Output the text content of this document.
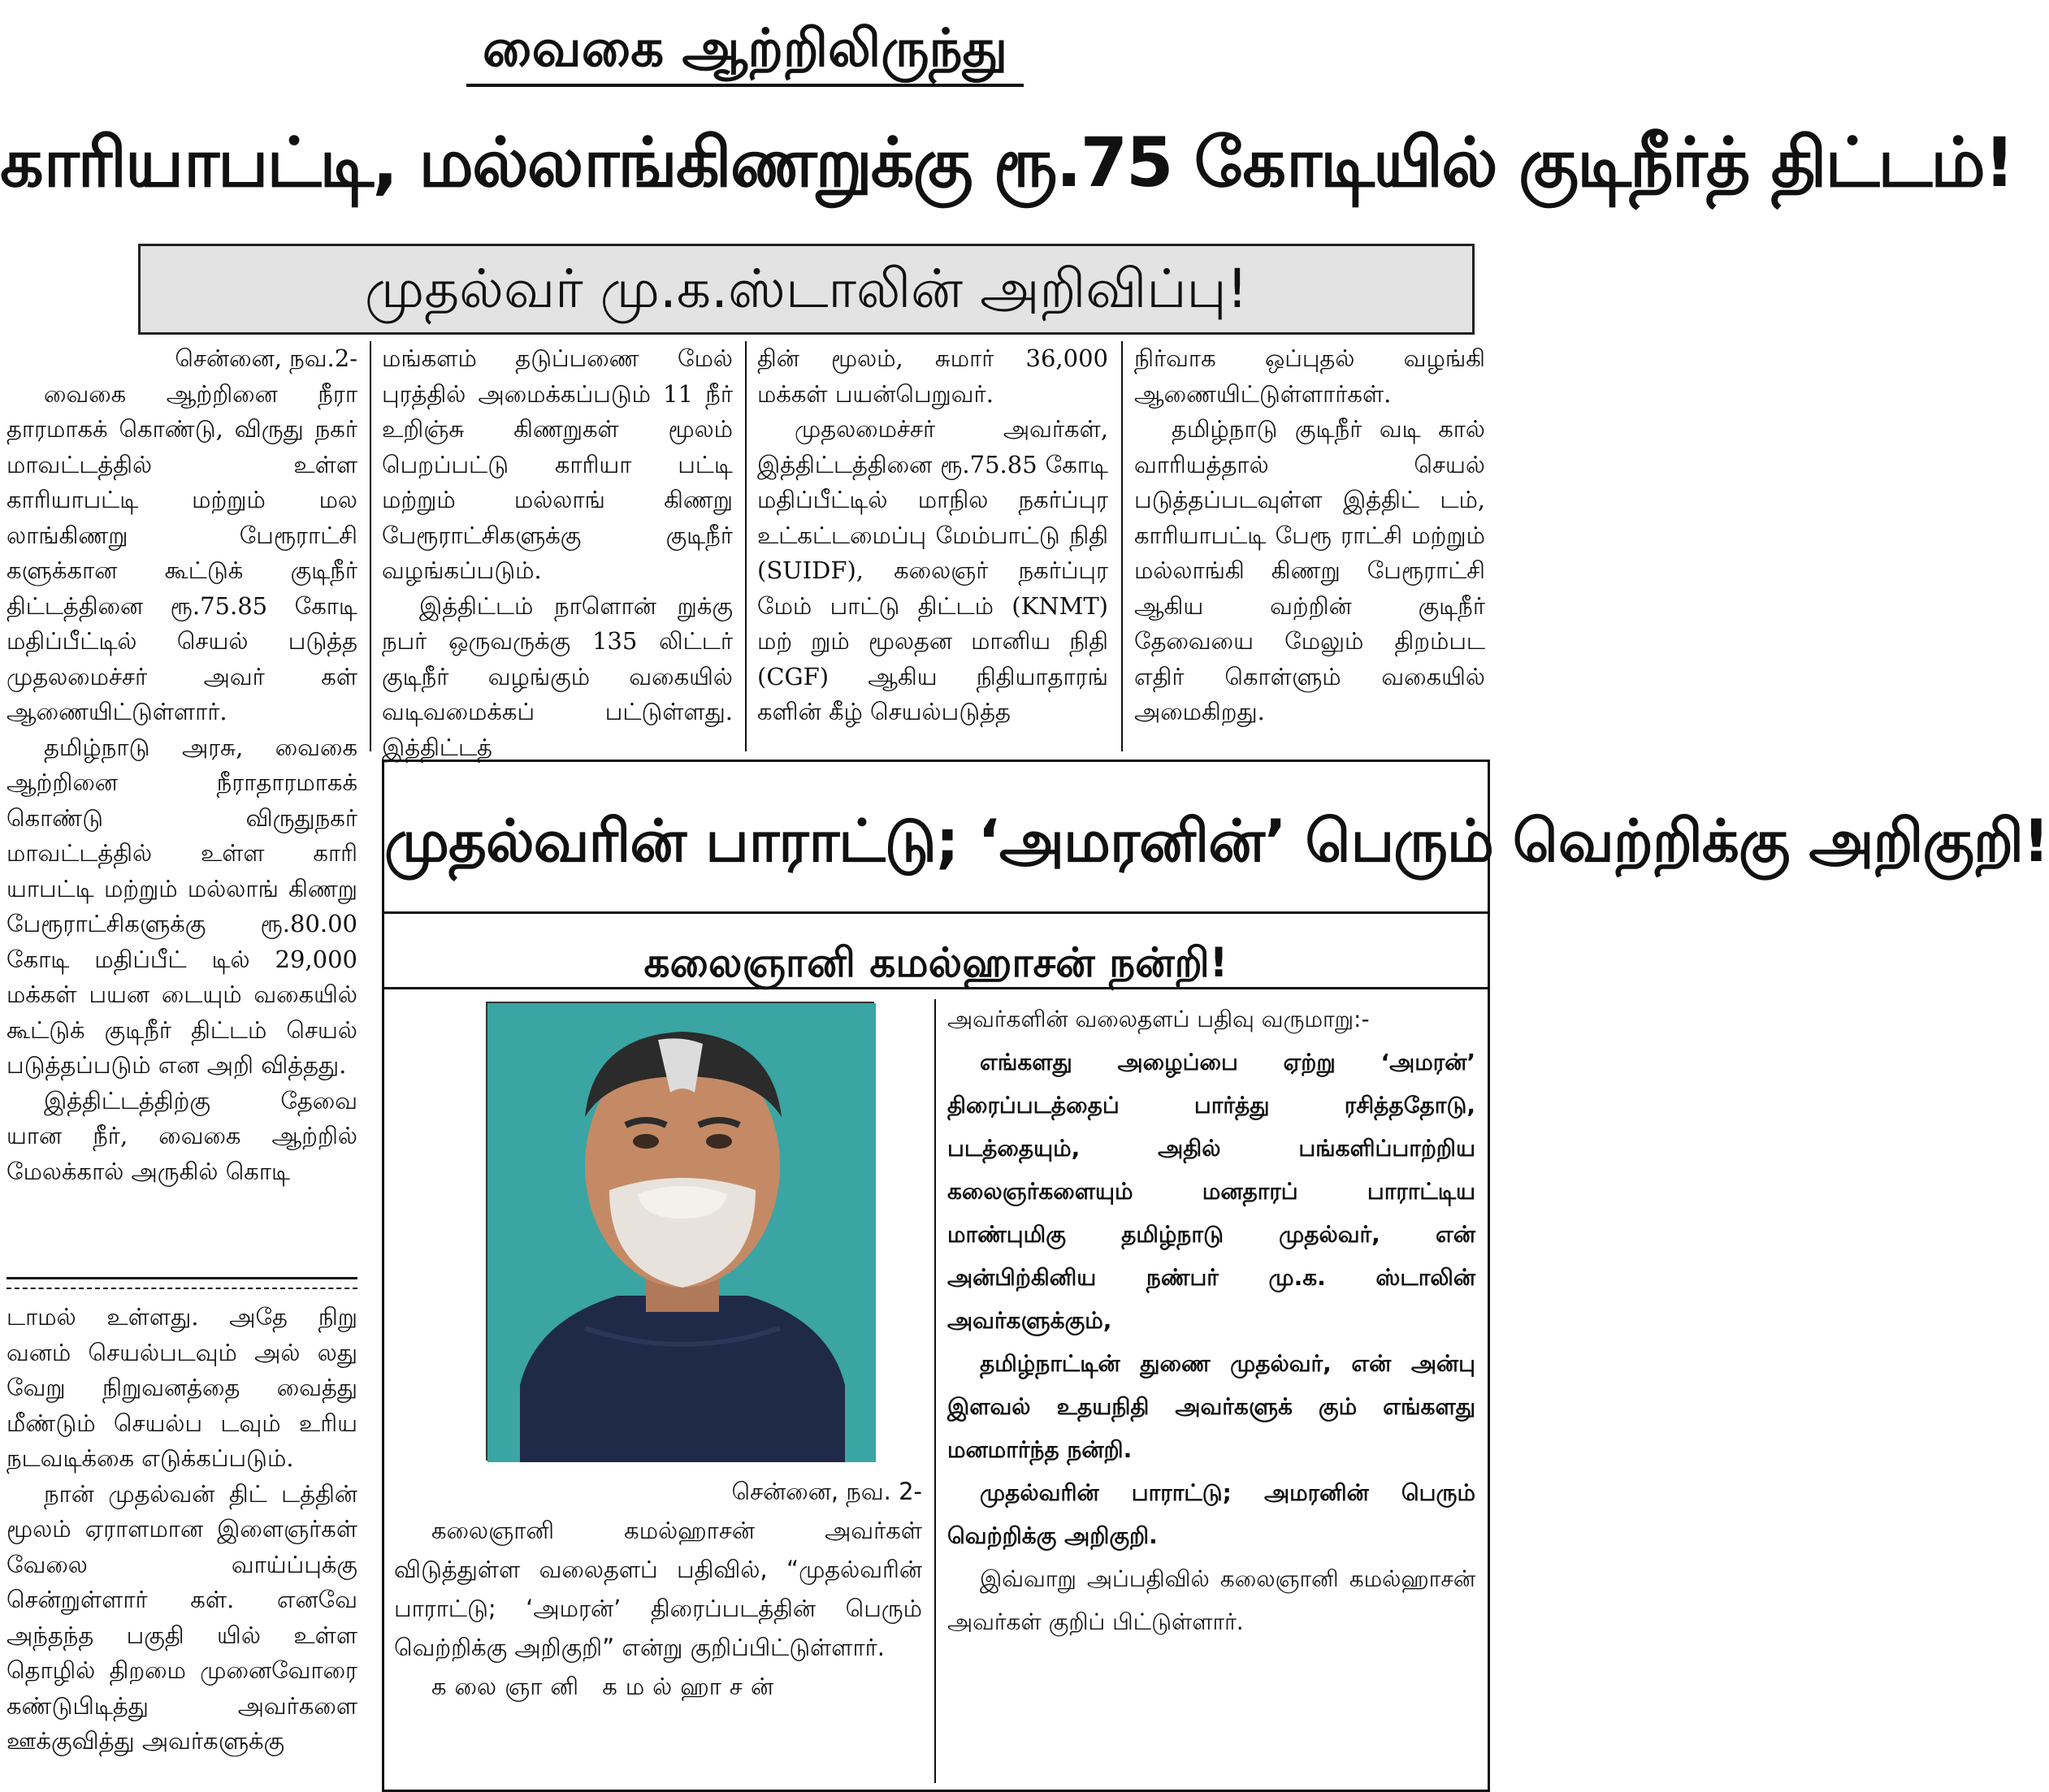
வைகை ஆற்றிலிருந்து
காரியாபட்டி, மல்லாங்கிணறுக்கு ரூ.75 கோடியில் குடிநீர்த் திட்டம்!
முதல்வர் மு.க.ஸ்டாலின் அறிவிப்பு!

சென்னை, நவ.2-

வைகை ஆற்றினை நீரா தாரமாகக் கொண்டு, விருது நகர் மாவட்டத்தில் உள்ள காரியாபட்டி மற்றும் மல லாங்கிணறு பேரூராட்சி களுக்கான கூட்டுக் குடிநீர் திட்டத்தினை ரூ.75.85 கோடி மதிப்பீட்டில் செயல் படுத்த முதலமைச்சர் அவர் கள் ஆணையிட்டுள்ளார்.

தமிழ்நாடு அரசு, வைகை ஆற்றினை நீராதாரமாகக் கொண்டு விருதுநகர் மாவட்டத்தில் உள்ள காரி யாபட்டி மற்றும் மல்லாங் கிணறு பேரூராட்சிகளுக்கு ரூ.80.00 கோடி மதிப்பீட் டில் 29,000 மக்கள் பயன டையும் வகையில் கூட்டுக் குடிநீர் திட்டம் செயல் படுத்தப்படும் என அறி வித்தது.

இத்திட்டத்திற்கு தேவை யான நீர், வைகை ஆற்றில் மேலக்கால் அருகில் கொடி

டாமல் உள்ளது. அதே நிறு வனம் செயல்படவும் அல் லது வேறு நிறுவனத்தை வைத்து மீண்டும் செயல்ப டவும் உரிய நடவடிக்கை எடுக்கப்படும்.

நான் முதல்வன் திட் டத்தின் மூலம் ஏராளமான இளைஞர்கள் வேலை வாய்ப்புக்கு சென்றுள்ளார் கள். எனவே அந்தந்த பகுதி யில் உள்ள தொழில் திறமை முனைவோரை கண்டுபிடித்து அவர்களை ஊக்குவித்து அவர்களுக்கு

மங்களம் தடுப்பணை மேல் புரத்தில் அமைக்கப்படும் 11 நீர் உறிஞ்சு கிணறுகள் மூலம் பெறப்பட்டு காரியா பட்டி மற்றும் மல்லாங் கிணறு பேரூராட்சிகளுக்கு குடிநீர் வழங்கப்படும்.

இத்திட்டம் நாளொன் றுக்கு நபர் ஒருவருக்கு 135 லிட்டர் குடிநீர் வழங்கும் வகையில் வடிவமைக்கப் பட்டுள்ளது. இத்திட்டத்

தின் மூலம், சுமார் 36,000 மக்கள் பயன்பெறுவர்.

முதலமைச்சர் அவர்கள், இத்திட்டத்தினை ரூ.75.85 கோடி மதிப்பீட்டில் மாநில நகர்ப்புர உட்கட்டமைப்பு மேம்பாட்டு நிதி (SUIDF), கலைஞர் நகர்ப்புர மேம் பாட்டு திட்டம் (KNMT) மற் றும் மூலதன மானிய நிதி (CGF) ஆகிய நிதியாதாரங் களின் கீழ் செயல்படுத்த

நிர்வாக ஒப்புதல் வழங்கி ஆணையிட்டுள்ளார்கள்.

தமிழ்நாடு குடிநீர் வடி கால் வாரியத்தால் செயல் படுத்தப்படவுள்ள இத்திட் டம், காரியாபட்டி பேரூ ராட்சி மற்றும் மல்லாங்கி கிணறு பேரூராட்சி ஆகிய வற்றின் குடிநீர் தேவையை மேலும் திறம்பட எதிர் கொள்ளும் வகையில் அமைகிறது.

முதல்வரின் பாராட்டு; ‘அமரனின்’ பெரும் வெற்றிக்கு அறிகுறி!
கலைஞானி கமல்ஹாசன் நன்றி!

சென்னை, நவ. 2-

கலைஞானி கமல்ஹாசன் அவர்கள் விடுத்துள்ள வலைதளப் பதிவில், “முதல்வரின் பாராட்டு; ‘அமரன்’ திரைப்படத்தின் பெரும் வெற்றிக்கு அறிகுறி” என்று குறிப்பிட்டுள்ளார்.

கலைஞானி கமல்ஹாசன்

அவர்களின் வலைதளப் பதிவு வருமாறு:-

எங்களது அழைப்பை ஏற்று ‘அமரன்’ திரைப்படத்தைப் பார்த்து ரசித்ததோடு, படத்தையும், அதில் பங்களிப்பாற்றிய கலைஞர்களையும் மனதாரப் பாராட்டிய மாண்புமிகு தமிழ்நாடு முதல்வர், என் அன்பிற்கினிய நண்பர் மு.க. ஸ்டாலின் அவர்களுக்கும்,

தமிழ்நாட்டின் துணை முதல்வர், என் அன்பு இளவல் உதயநிதி அவர்களுக் கும் எங்களது மனமார்ந்த நன்றி.

முதல்வரின் பாராட்டு; அமரனின் பெரும் வெற்றிக்கு அறிகுறி.

இவ்வாறு அப்பதிவில் கலைஞானி கமல்ஹாசன் அவர்கள் குறிப் பிட்டுள்ளார்.
